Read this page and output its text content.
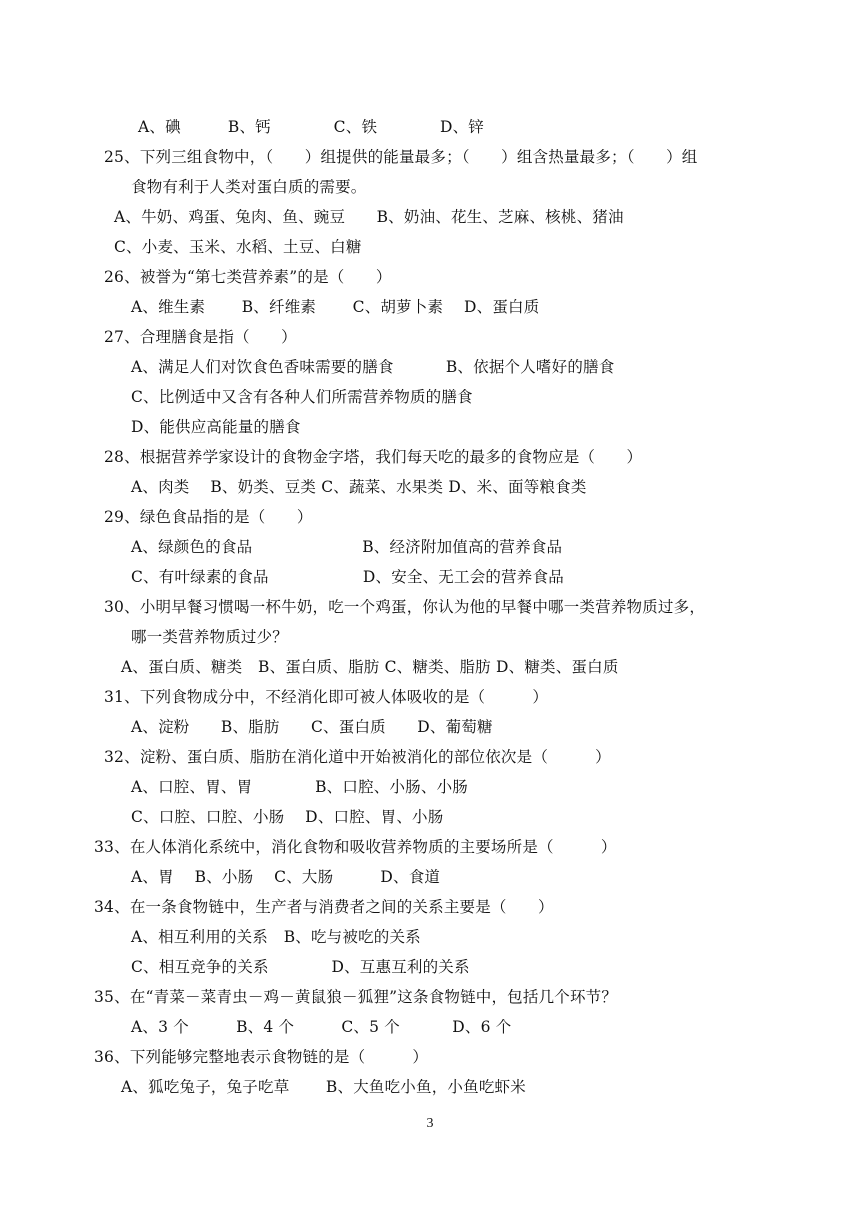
A、碘　　　B、钙　　　　C、铁　　　　D、锌
25、下列三组食物中，（　　）组提供的能量最多；（　　）组含热量最多；（　　）组
食物有利于人类对蛋白质的需要。
A、牛奶、鸡蛋、兔肉、鱼、豌豆　　B、奶油、花生、芝麻、核桃、猪油
C、小麦、玉米、水稻、土豆、白糖
26、被誉为“第七类营养素”的是（　　）
A、维生素　　 B、纤维素　　 C、胡萝卜素　 D、蛋白质
27、合理膳食是指（　　）
A、满足人们对饮食色香味需要的膳食　　　 B、依据个人嗜好的膳食
C、比例适中又含有各种人们所需营养物质的膳食
D、能供应高能量的膳食
28、根据营养学家设计的食物金字塔，我们每天吃的最多的食物应是（　　）
A、肉类　 B、奶类、豆类 C、蔬菜、水果类 D、米、面等粮食类
29、绿色食品指的是（　　）
A、绿颜色的食品　　　　　　　B、经济附加值高的营养食品
C、有叶绿素的食品　　　　　　D、安全、无工会的营养食品
30、小明早餐习惯喝一杯牛奶，吃一个鸡蛋，你认为他的早餐中哪一类营养物质过多，
哪一类营养物质过少？
A、蛋白质、糖类　B、蛋白质、脂肪 C、糖类、脂肪 D、糖类、蛋白质
31、下列食物成分中，不经消化即可被人体吸收的是（　　　）
A、淀粉　　B、脂肪　　C、蛋白质　　D、葡萄糖
32、淀粉、蛋白质、脂肪在消化道中开始被消化的部位依次是（　　　）
A、口腔、胃、胃　　　　B、口腔、小肠、小肠
C、口腔、口腔、小肠　 D、口腔、胃、小肠
33、在人体消化系统中，消化食物和吸收营养物质的主要场所是（　　　）
A、胃　 B、小肠　 C、大肠　　　D、食道
34、在一条食物链中，生产者与消费者之间的关系主要是（　　）
A、相互利用的关系　B、吃与被吃的关系
C、相互竞争的关系　　　　D、互惠互利的关系
35、在“青菜－菜青虫－鸡－黄鼠狼－狐狸”这条食物链中，包括几个环节？
A、3 个　　　B、4 个　　　C、5 个　　　 D、6 个
36、下列能够完整地表示食物链的是（　　　）
A、狐吃兔子，兔子吃草　　 B、大鱼吃小鱼，小鱼吃虾米
3
